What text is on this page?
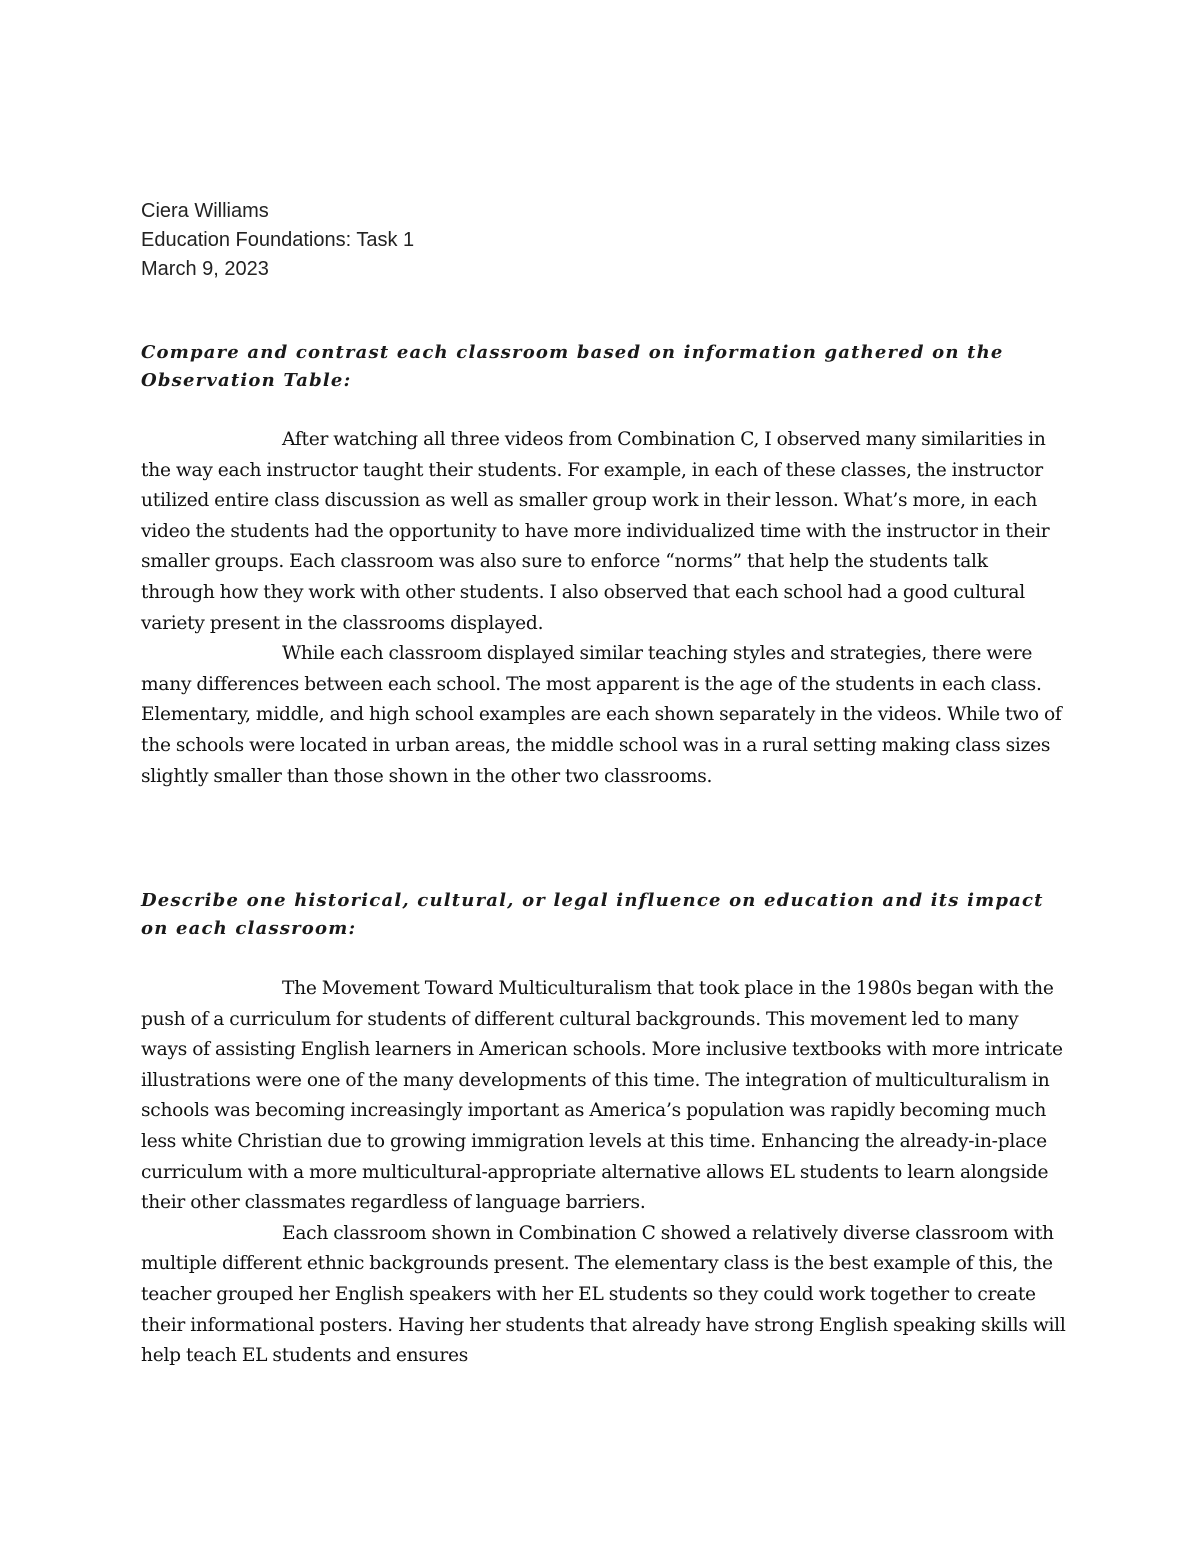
Ciera Williams
Education Foundations: Task 1
March 9, 2023

Compare and contrast each classroom based on information gathered on the Observation Table:

After watching all three videos from Combination C, I observed many similarities in the way each instructor taught their students. For example, in each of these classes, the instructor utilized entire class discussion as well as smaller group work in their lesson. What’s more, in each video the students had the opportunity to have more individualized time with the instructor in their smaller groups. Each classroom was also sure to enforce “norms” that help the students talk through how they work with other students. I also observed that each school had a good cultural variety present in the classrooms displayed.

While each classroom displayed similar teaching styles and strategies, there were many differences between each school. The most apparent is the age of the students in each class. Elementary, middle, and high school examples are each shown separately in the videos. While two of the schools were located in urban areas, the middle school was in a rural setting making class sizes slightly smaller than those shown in the other two classrooms.

Describe one historical, cultural, or legal influence on education and its impact on each classroom:

The Movement Toward Multiculturalism that took place in the 1980s began with the push of a curriculum for students of different cultural backgrounds. This movement led to many ways of assisting English learners in American schools. More inclusive textbooks with more intricate illustrations were one of the many developments of this time. The integration of multiculturalism in schools was becoming increasingly important as America’s population was rapidly becoming much less white Christian due to growing immigration levels at this time. Enhancing the already-in-place curriculum with a more multicultural-appropriate alternative allows EL students to learn alongside their other classmates regardless of language barriers.

Each classroom shown in Combination C showed a relatively diverse classroom with multiple different ethnic backgrounds present. The elementary class is the best example of this, the teacher grouped her English speakers with her EL students so they could work together to create their informational posters. Having her students that already have strong English speaking skills will help teach EL students and ensures
